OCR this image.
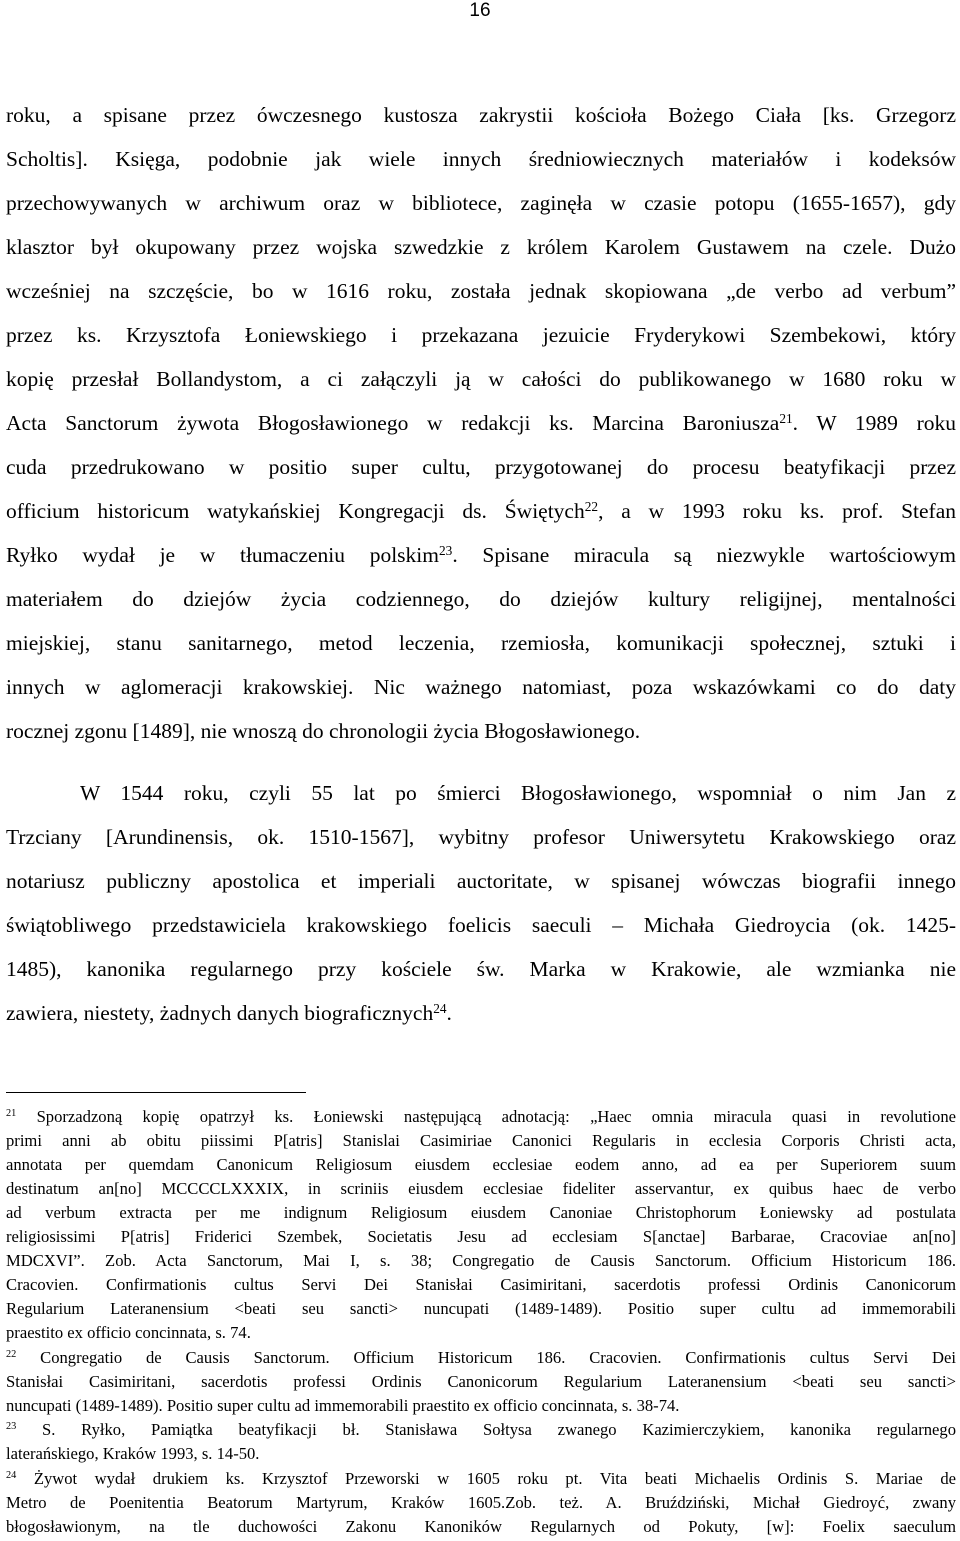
16
roku, a spisane przez ówczesnego kustosza zakrystii kościoła Bożego Ciała [ks. Grzegorz
Scholtis]. Księga, podobnie jak wiele innych średniowiecznych materiałów i kodeksów
przechowywanych w archiwum oraz w bibliotece, zaginęła w czasie potopu (1655-1657), gdy
klasztor był okupowany przez wojska szwedzkie z królem Karolem Gustawem na czele. Dużo
wcześniej na szczęście, bo w 1616 roku, została jednak skopiowana „de verbo ad verbum”
przez ks. Krzysztofa Łoniewskiego i przekazana jezuicie Fryderykowi Szembekowi, który
kopię przesłał Bollandystom, a ci załączyli ją w całości do publikowanego w 1680 roku w
Acta Sanctorum żywota Błogosławionego w redakcji ks. Marcina Baroniusza$^{21}$. W 1989 roku
cuda przedrukowano w positio super cultu, przygotowanej do procesu beatyfikacji przez
officium historicum watykańskiej Kongregacji ds. Świętych$^{22}$, a w 1993 roku ks. prof. Stefan
Ryłko wydał je w tłumaczeniu polskim$^{23}$. Spisane miracula są niezwykle wartościowym
materiałem do dziejów życia codziennego, do dziejów kultury religijnej, mentalności
miejskiej, stanu sanitarnego, metod leczenia, rzemiosła, komunikacji społecznej, sztuki i
innych w aglomeracji krakowskiej. Nic ważnego natomiast, poza wskazówkami co do daty
rocznej zgonu [1489], nie wnoszą do chronologii życia Błogosławionego.
W 1544 roku, czyli 55 lat po śmierci Błogosławionego, wspomniał o nim Jan z
Trzciany [Arundinensis, ok. 1510-1567], wybitny profesor Uniwersytetu Krakowskiego oraz
notariusz publiczny apostolica et imperiali auctoritate, w spisanej wówczas biografii innego
świątobliwego przedstawiciela krakowskiego foelicis saeculi – Michała Giedroycia (ok. 1425-
1485), kanonika regularnego przy kościele św. Marka w Krakowie, ale wzmianka nie
zawiera, niestety, żadnych danych biograficznych$^{24}$.
$^{21}$ Sporzadzoną kopię opatrzył ks. Łoniewski następującą adnotacją: „Haec omnia miracula quasi in revolutione
primi anni ab obitu piissimi P[atris] Stanislai Casimiriae Canonici Regularis in ecclesia Corporis Christi acta,
annotata per quemdam Canonicum Religiosum eiusdem ecclesiae eodem anno, ad ea per Superiorem suum
destinatum an[no] MCCCCLXXXIX, in scriniis eiusdem ecclesiae fideliter asservantur, ex quibus haec de verbo
ad verbum extracta per me indignum Religiosum eiusdem Canoniae Christophorum Łoniewsky ad postulata
religiosissimi P[atris] Friderici Szembek, Societatis Jesu ad ecclesiam S[anctae] Barbarae, Cracoviae an[no]
MDCXVI”. Zob. Acta Sanctorum, Mai I, s. 38; Congregatio de Causis Sanctorum. Officium Historicum 186.
Cracovien. Confirmationis cultus Servi Dei Stanisłai Casimiritani, sacerdotis professi Ordinis Canonicorum
Regularium Lateranensium <beati seu sancti> nuncupati (1489-1489). Positio super cultu ad immemorabili
praestito ex officio concinnata, s. 74.
$^{22}$ Congregatio de Causis Sanctorum. Officium Historicum 186. Cracovien. Confirmationis cultus Servi Dei
Stanisłai Casimiritani, sacerdotis professi Ordinis Canonicorum Regularium Lateranensium <beati seu sancti>
nuncupati (1489-1489). Positio super cultu ad immemorabili praestito ex officio concinnata, s. 38-74.
$^{23}$ S. Ryłko, Pamiątka beatyfikacji bł. Stanisława Sołtysa zwanego Kazimierczykiem, kanonika regularnego
laterańskiego, Kraków 1993, s. 14-50.
$^{24}$ Żywot wydał drukiem ks. Krzysztof Przeworski w 1605 roku pt. Vita beati Michaelis Ordinis S. Mariae de
Metro de Poenitentia Beatorum Martyrum, Kraków 1605.Zob. też. A. Bruździński, Michał Giedroyć, zwany
błogosławionym, na tle duchowości Zakonu Kanoników Regularnych od Pokuty, [w]: Foelix saeculum
